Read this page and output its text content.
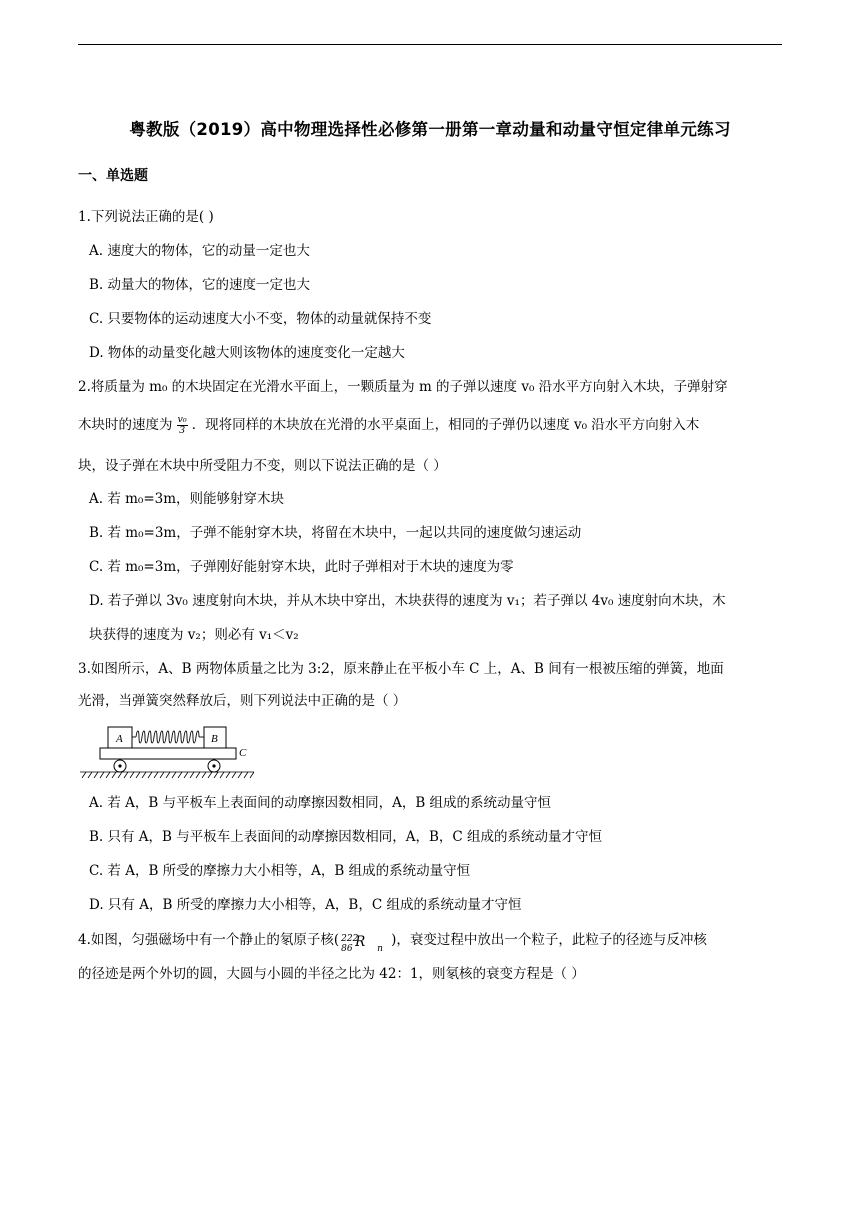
粤教版（2019）高中物理选择性必修第一册第一章动量和动量守恒定律单元练习
一、单选题
1.下列说法正确的是( )
A. 速度大的物体，它的动量一定也大
B. 动量大的物体，它的速度一定也大
C. 只要物体的运动速度大小不变，物体的动量就保持不变
D. 物体的动量变化越大则该物体的速度变化一定越大
2.将质量为 m₀ 的木块固定在光滑水平面上，一颗质量为 m 的子弹以速度 v₀ 沿水平方向射入木块，子弹射穿
木块时的速度为 $\frac{\text{v₀}}{3}$ ．现将同样的木块放在光滑的水平桌面上，相同的子弹仍以速度 v₀ 沿水平方向射入木
块，设子弹在木块中所受阻力不变，则以下说法正确的是（ ）
A. 若 m₀=3m，则能够射穿木块
B. 若 m₀=3m，子弹不能射穿木块，将留在木块中，一起以共同的速度做匀速运动
C. 若 m₀=3m，子弹刚好能射穿木块，此时子弹相对于木块的速度为零
D. 若子弹以 3v₀ 速度射向木块，并从木块中穿出，木块获得的速度为 v₁；若子弹以 4v₀ 速度射向木块，木
块获得的速度为 v₂；则必有 v₁＜v₂
3.如图所示，A、B 两物体质量之比为 3:2，原来静止在平板小车 C 上，A、B 间有一根被压缩的弹簧，地面
光滑，当弹簧突然释放后，则下列说法中正确的是（ ）
A	B
C
A. 若 A，B 与平板车上表面间的动摩擦因数相同，A，B 组成的系统动量守恒
B. 只有 A，B 与平板车上表面间的动摩擦因数相同，A，B，C 组成的系统动量才守恒
C. 若 A，B 所受的摩擦力大小相等，A，B 组成的系统动量守恒
D. 只有 A，B 所受的摩擦力大小相等，A，B，C 组成的系统动量才守恒
4.如图，匀强磁场中有一个静止的氡原子核( 222
86 R n
)，衰变过程中放出一个粒子，此粒子的径迹与反冲核
的径迹是两个外切的圆，大圆与小圆的半径之比为 42：1，则氡核的衰变方程是（ ）
